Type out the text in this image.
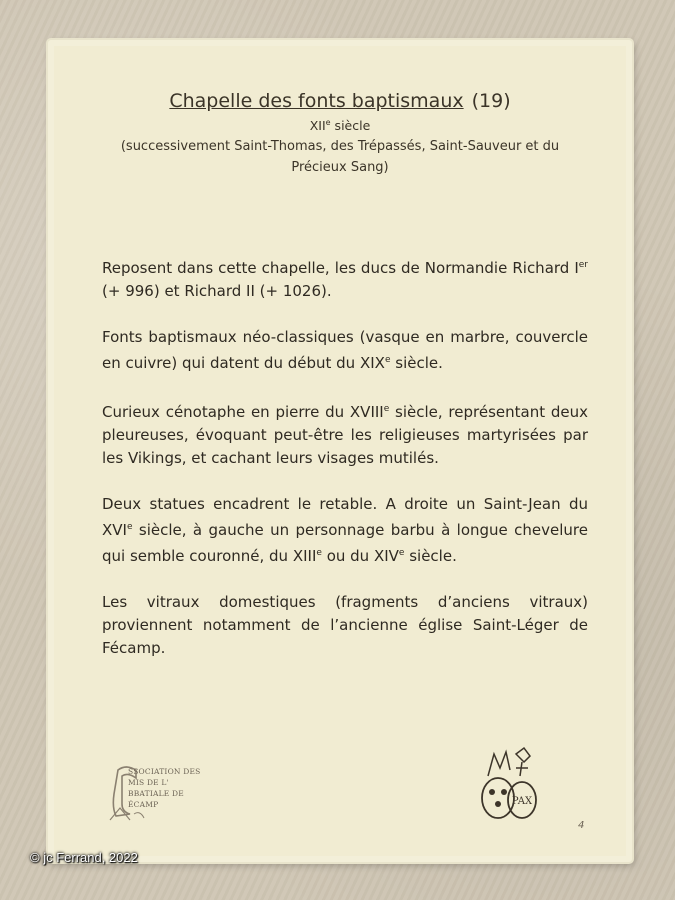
Chapelle des fonts baptismaux (19)
XIIe siècle
(successivement Saint-Thomas, des Trépassés, Saint-Sauveur et du Précieux Sang)

Reposent dans cette chapelle, les ducs de Normandie Richard Ier (+ 996) et Richard II (+ 1026).

Fonts baptismaux néo-classiques (vasque en marbre, couvercle en cuivre) qui datent du début du XIXe siècle.

Curieux cénotaphe en pierre du XVIIIe siècle, représentant deux pleureuses, évoquant peut-être les religieuses martyrisées par les Vikings, et cachant leurs visages mutilés.

Deux statues encadrent le retable. A droite un Saint-Jean du XVIe siècle, à gauche un personnage barbu à longue chevelure qui semble couronné, du XIIIe ou du XIVe siècle.

Les vitraux domestiques (fragments d’anciens vitraux) proviennent notamment de l’ancienne église Saint-Léger de Fécamp.

SSOCIATION DES
MIS DE L'
BBATIALE DE
ÉCAMP	PAX
4
© jc Ferrand, 2022
